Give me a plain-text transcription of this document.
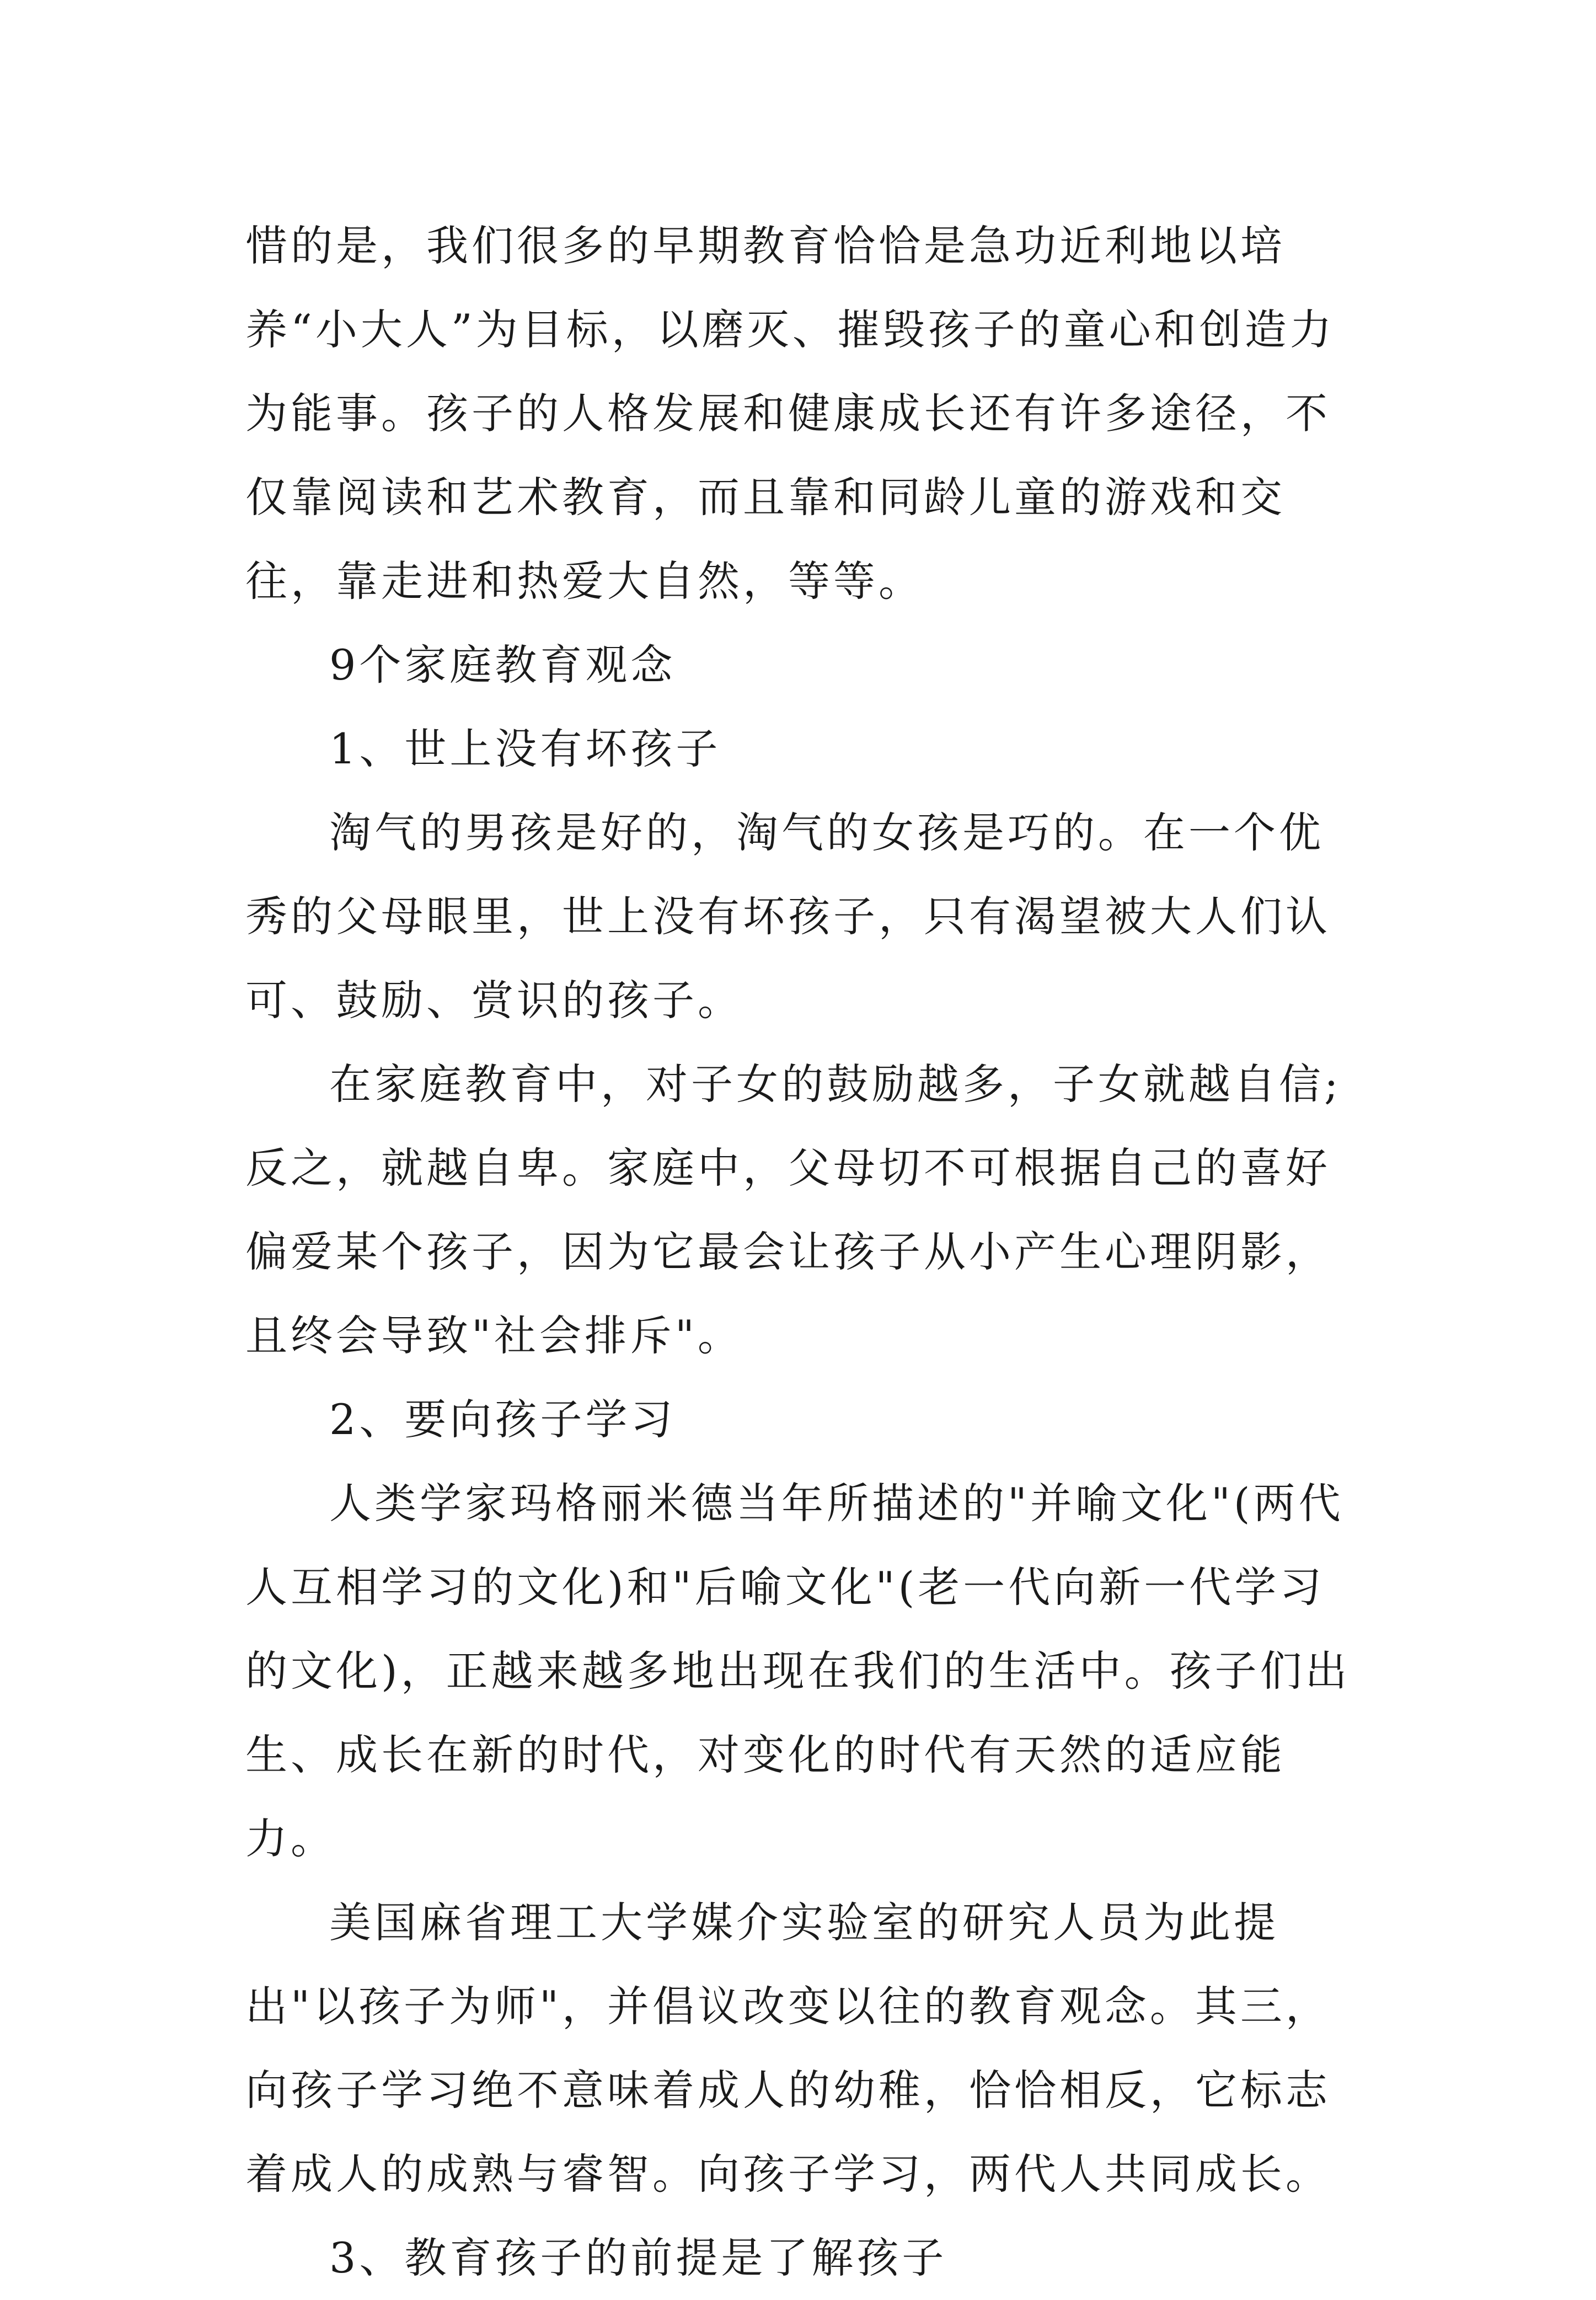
惜的是，我们很多的早期教育恰恰是急功近利地以培养“小大人”为目标，以磨灭、摧毁孩子的童心和创造力为能事。孩子的人格发展和健康成长还有许多途径，不仅靠阅读和艺术教育，而且靠和同龄儿童的游戏和交往，靠走进和热爱大自然，等等。

9个家庭教育观念

1、世上没有坏孩子

淘气的男孩是好的，淘气的女孩是巧的。在一个优秀的父母眼里，世上没有坏孩子，只有渴望被大人们认可、鼓励、赏识的孩子。

在家庭教育中，对子女的鼓励越多，子女就越自信;反之，就越自卑。家庭中，父母切不可根据自己的喜好偏爱某个孩子，因为它最会让孩子从小产生心理阴影，且终会导致"社会排斥"。

2、要向孩子学习

人类学家玛格丽米德当年所描述的"并喻文化"(两代人互相学习的文化)和"后喻文化"(老一代向新一代学习的文化)，正越来越多地出现在我们的生活中。孩子们出生、成长在新的时代，对变化的时代有天然的适应能力。

美国麻省理工大学媒介实验室的研究人员为此提出"以孩子为师"，并倡议改变以往的教育观念。其三，向孩子学习绝不意味着成人的幼稚，恰恰相反，它标志着成人的成熟与睿智。向孩子学习，两代人共同成长。

3、教育孩子的前提是了解孩子
